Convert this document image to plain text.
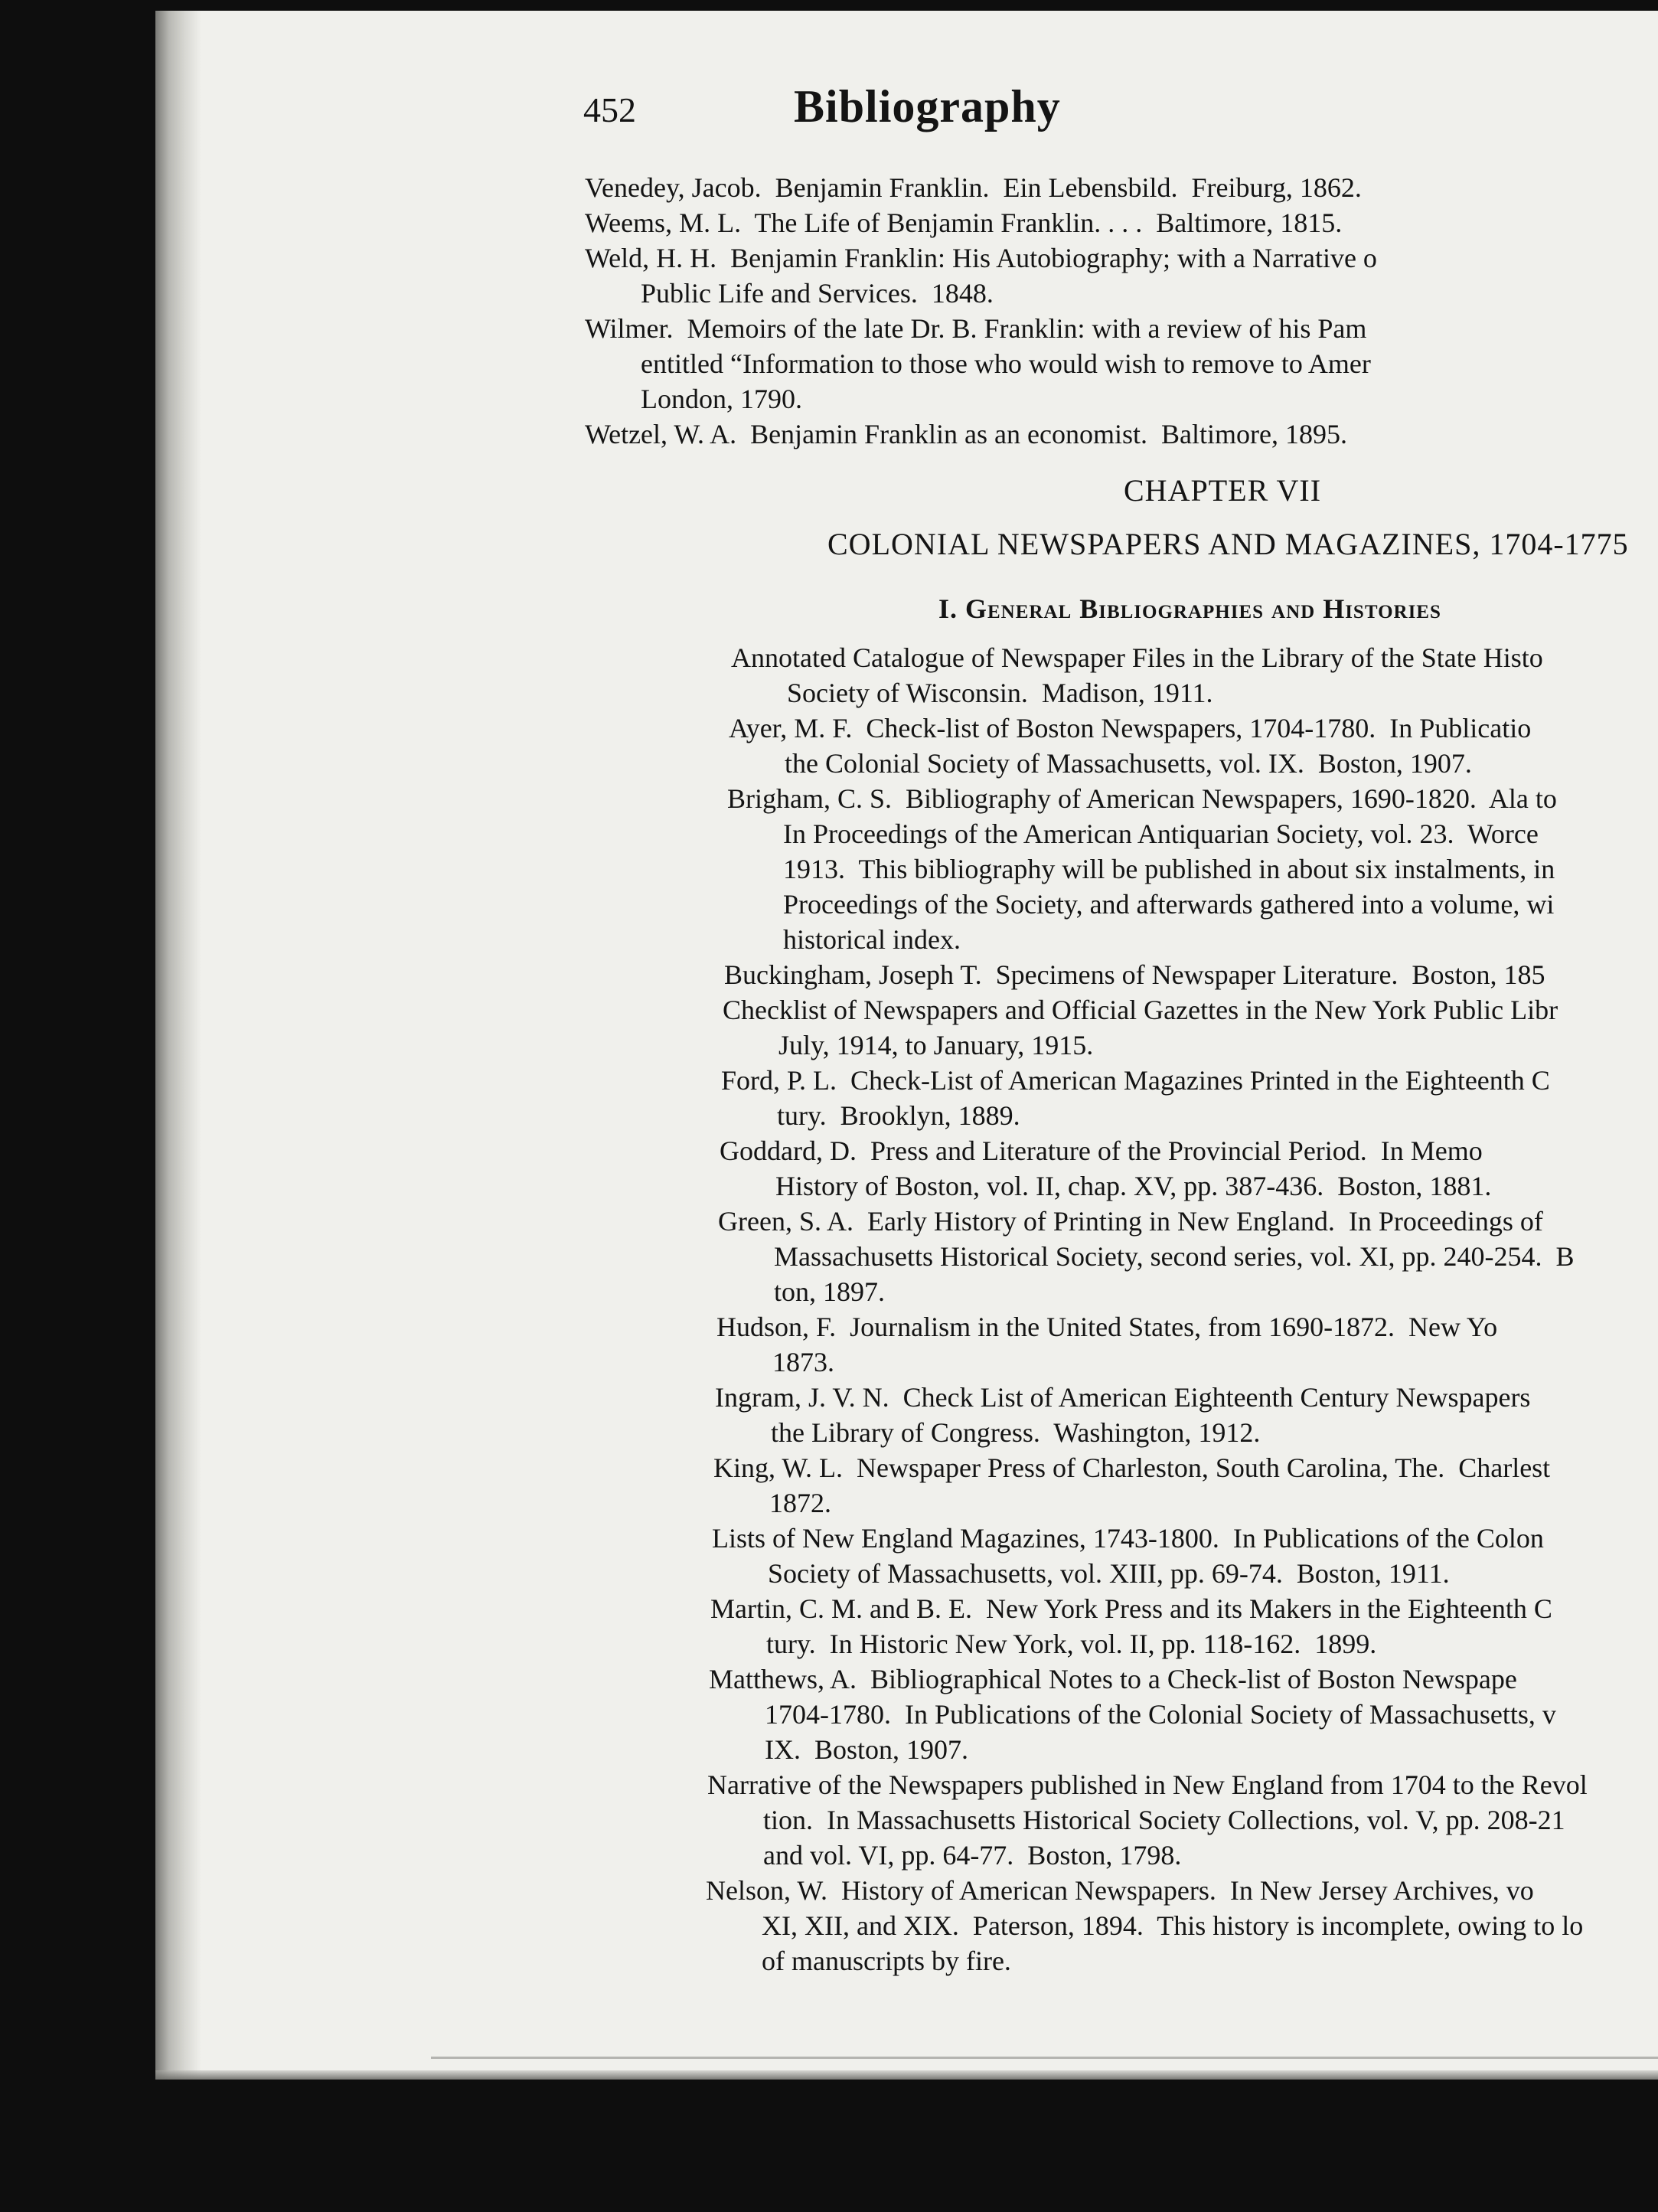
452	Bibliography
Venedey, Jacob.  Benjamin Franklin.  Ein Lebensbild.  Freiburg, 1862.
Weems, M. L.  The Life of Benjamin Franklin. . . .  Baltimore, 1815.
Weld, H. H.  Benjamin Franklin: His Autobiography;
Public Life and Services.  1848.
Wilmer.  Memoirs of the late Dr. B. Franklin: with
entitled “Information to those who would wish to
London, 1790.
Wetzel, W. A.  Benjamin Franklin as an economist.  Baltimore, 1895.
CHAPTER VII
COLONIAL NEWSPAPERS AND MAGAZINES, 1704-1775
I. General Bibliographies and Histories
Annotated Catalogue of Newspaper
Society of Wisconsin.  Madison, 1911.
Ayer, M. F.  Check-list of Boston
the Colonial Society of Massachusetts,
Brigham, C. S.  Bibliography of American
In Proceedings of the American Antiquarian
1913.  This bibliography will be published
Proceedings of the Society, and afterwards
historical index.
Buckingham, Joseph T.  Specimens of Newspaper Literature.  Boston, 185
Checklist of Newspapers and Official
July, 1914, to January, 1915.
Ford, P. L.  Check-List of American
tury.  Brooklyn, 1889.
Goddard, D.  Press and Literature of the
History of Boston, vol. II, chap. XV, pp.
Green, S. A.  Early History of Printing
Massachusetts Historical Society, second
ton, 1897.
Hudson, F.  Journalism in the United
1873.
Ingram, J. V. N.  Check List of American
the Library of Congress.  Washington,
King, W. L.  Newspaper Press of Charleston,
1872.
Lists of New England Magazines,
Society of Massachusetts, vol. XIII, pp.
Martin, C. M. and B. E.  New York Press
tury.  In Historic New York, vol. II, pp.
Matthews, A.  Bibliographical Notes to
1704-1780.  In Publications of the Colonial
IX.  Boston, 1907.
Narrative of the Newspapers published
tion.  In Massachusetts Historical Society
and vol. VI, pp. 64-77.  Boston, 1798.
Nelson, W.  History of American Newspapers.
XI, XII, and XIX.  Paterson, 1894.  This
of manuscripts by fire.
